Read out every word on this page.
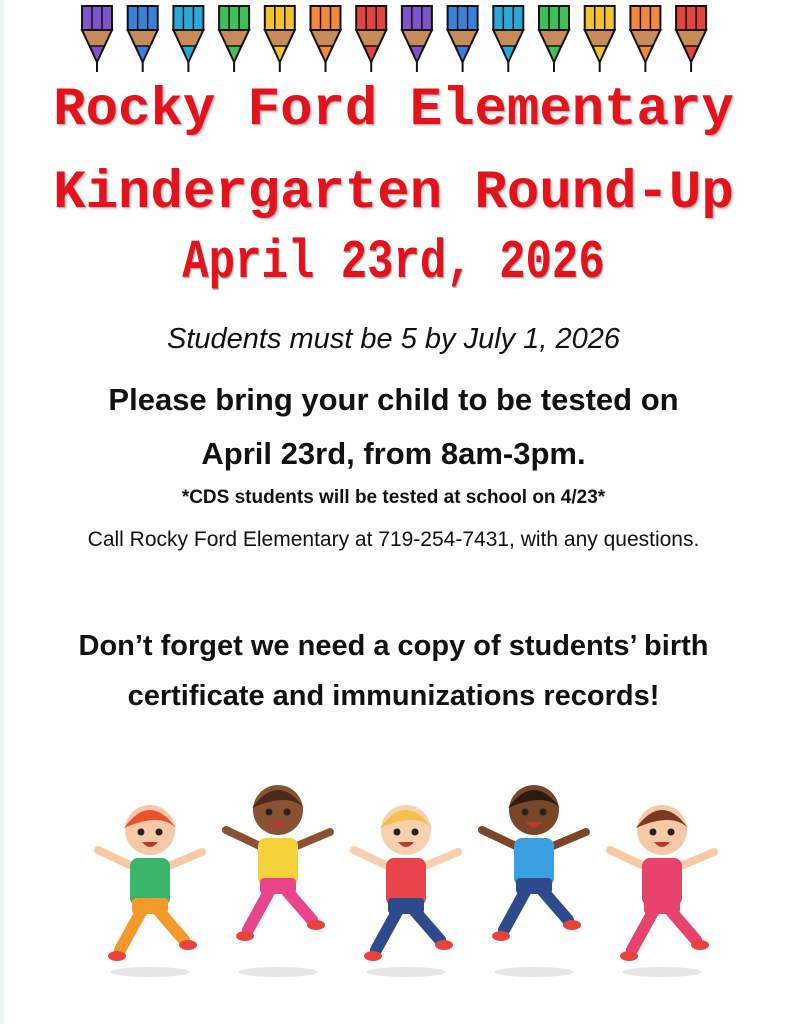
Rocky Ford Elementary
Kindergarten Round-Up
April 23rd, 2026
Students must be 5 by July 1, 2026
Please bring your child to be tested on
April 23rd, from 8am-3pm.
*CDS students will be tested at school on 4/23*
Call Rocky Ford Elementary at 719-254-7431, with any questions.
Don’t forget we need a copy of students’ birth
certificate and immunizations records!
